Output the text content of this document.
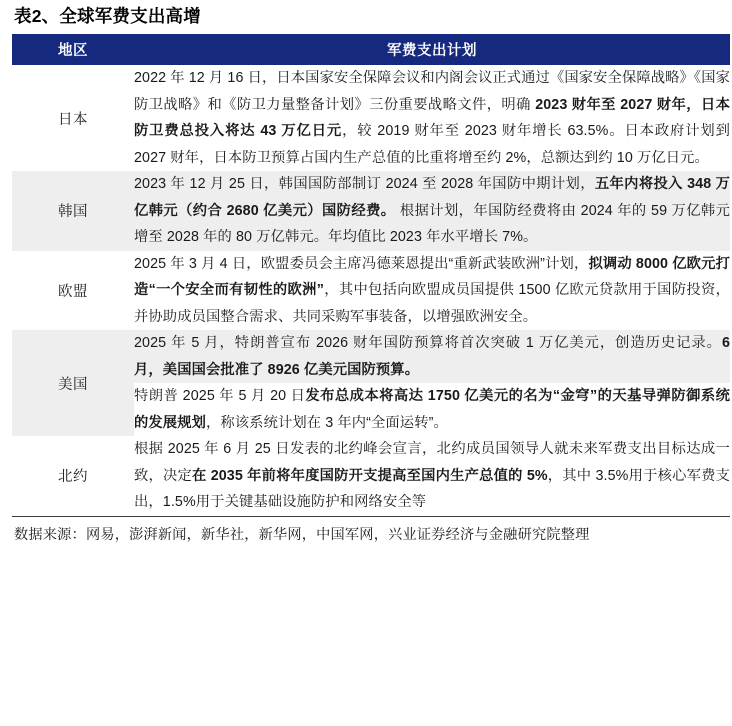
表2、全球军费支出高增
地区	军费支出计划
日本	2022 年 12 月 16 日，日本国家安全保障会议和内阁会议正式通过《国家安全保障战略》《国家防卫战略》和《防卫力量整备计划》三份重要战略文件，明确 2023 财年至 2027 财年，日本防卫费总投入将达 43 万亿日元，较 2019 财年至 2023 财年增长 63.5%。日本政府计划到 2027 财年，日本防卫预算占国内生产总值的比重将增至约 2%，总额达到约 10 万亿日元。

韩国	2023 年 12 月 25 日，韩国国防部制订 2024 至 2028 年国防中期计划，五年内将投入 348 万亿韩元（约合 2680 亿美元）国防经费。 根据计划，年国防经费将由 2024 年的 59 万亿韩元增至 2028 年的 80 万亿韩元。年均值比 2023 年水平增长 7%。

欧盟	2025 年 3 月 4 日，欧盟委员会主席冯德莱恩提出“重新武装欧洲”计划，拟调动 8000 亿欧元打造“一个安全而有韧性的欧洲”，其中包括向欧盟成员国提供 1500 亿欧元贷款用于国防投资，并协助成员国整合需求、共同采购军事装备，以增强欧洲安全。

美国	2025 年 5 月，特朗普宣布 2026 财年国防预算将首次突破 1 万亿美元，创造历史记录。6 月，美国国会批准了 8926 亿美元国防预算。

	特朗普 2025 年 5 月 20 日发布总成本将高达 1750 亿美元的名为“金穹”的天基导弹防御系统的发展规划，称该系统计划在 3 年内“全面运转”。

北约	根据 2025 年 6 月 25 日发表的北约峰会宣言，北约成员国领导人就未来军费支出目标达成一致，决定在 2035 年前将年度国防开支提高至国内生产总值的 5%，其中 3.5%用于核心军费支出，1.5%用于关键基础设施防护和网络安全等

数据来源：网易，澎湃新闻，新华社，新华网，中国军网，兴业证券经济与金融研究院整理
